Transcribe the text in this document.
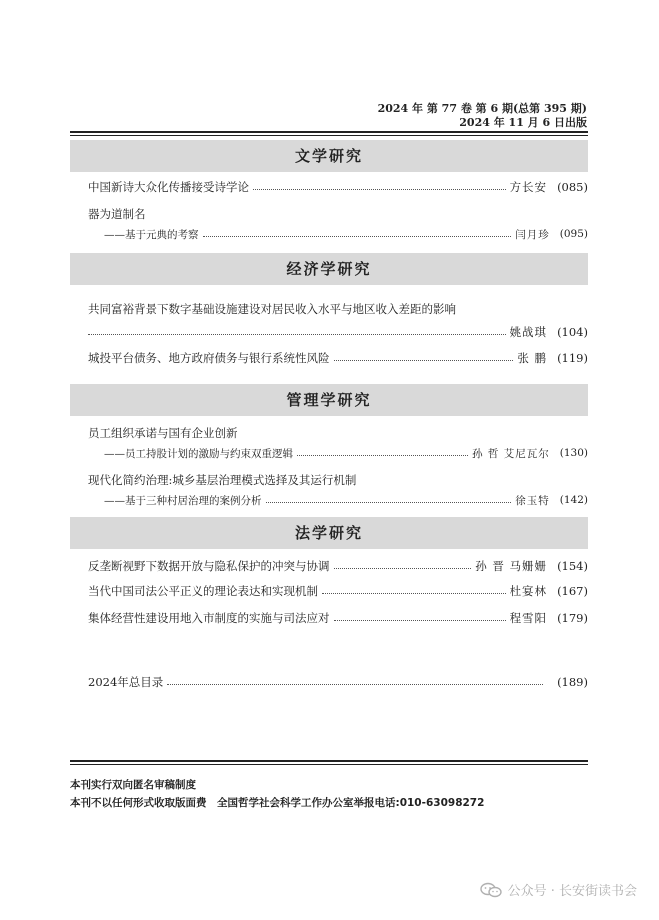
2024 年 第 77 卷 第 6 期(总第 395 期)
2024 年 11 月 6 日出版
文学研究
中国新诗大众化传播接受诗学论	方长安 (085)
器为道制名
——基于元典的考察	闫月珍 (095)
经济学研究
共同富裕背景下数字基础设施建设对居民收入水平与地区收入差距的影响
姚战琪 (104)
城投平台债务、地方政府债务与银行系统性风险	张 鹏 (119)
管理学研究
员工组织承诺与国有企业创新
——员工持股计划的激励与约束双重逻辑	孙 哲 艾尼瓦尔 (130)
现代化简约治理:城乡基层治理模式选择及其运行机制
——基于三种村居治理的案例分析	徐玉特 (142)
法学研究
反垄断视野下数据开放与隐私保护的冲突与协调	孙 晋 马姗姗 (154)
当代中国司法公平正义的理论表达和实现机制	杜宴林 (167)
集体经营性建设用地入市制度的实施与司法应对	程雪阳 (179)
2024年总目录	(189)
本刊实行双向匿名审稿制度
本刊不以任何形式收取版面费　全国哲学社会科学工作办公室举报电话:010-63098272
公众号 · 长安街读书会
